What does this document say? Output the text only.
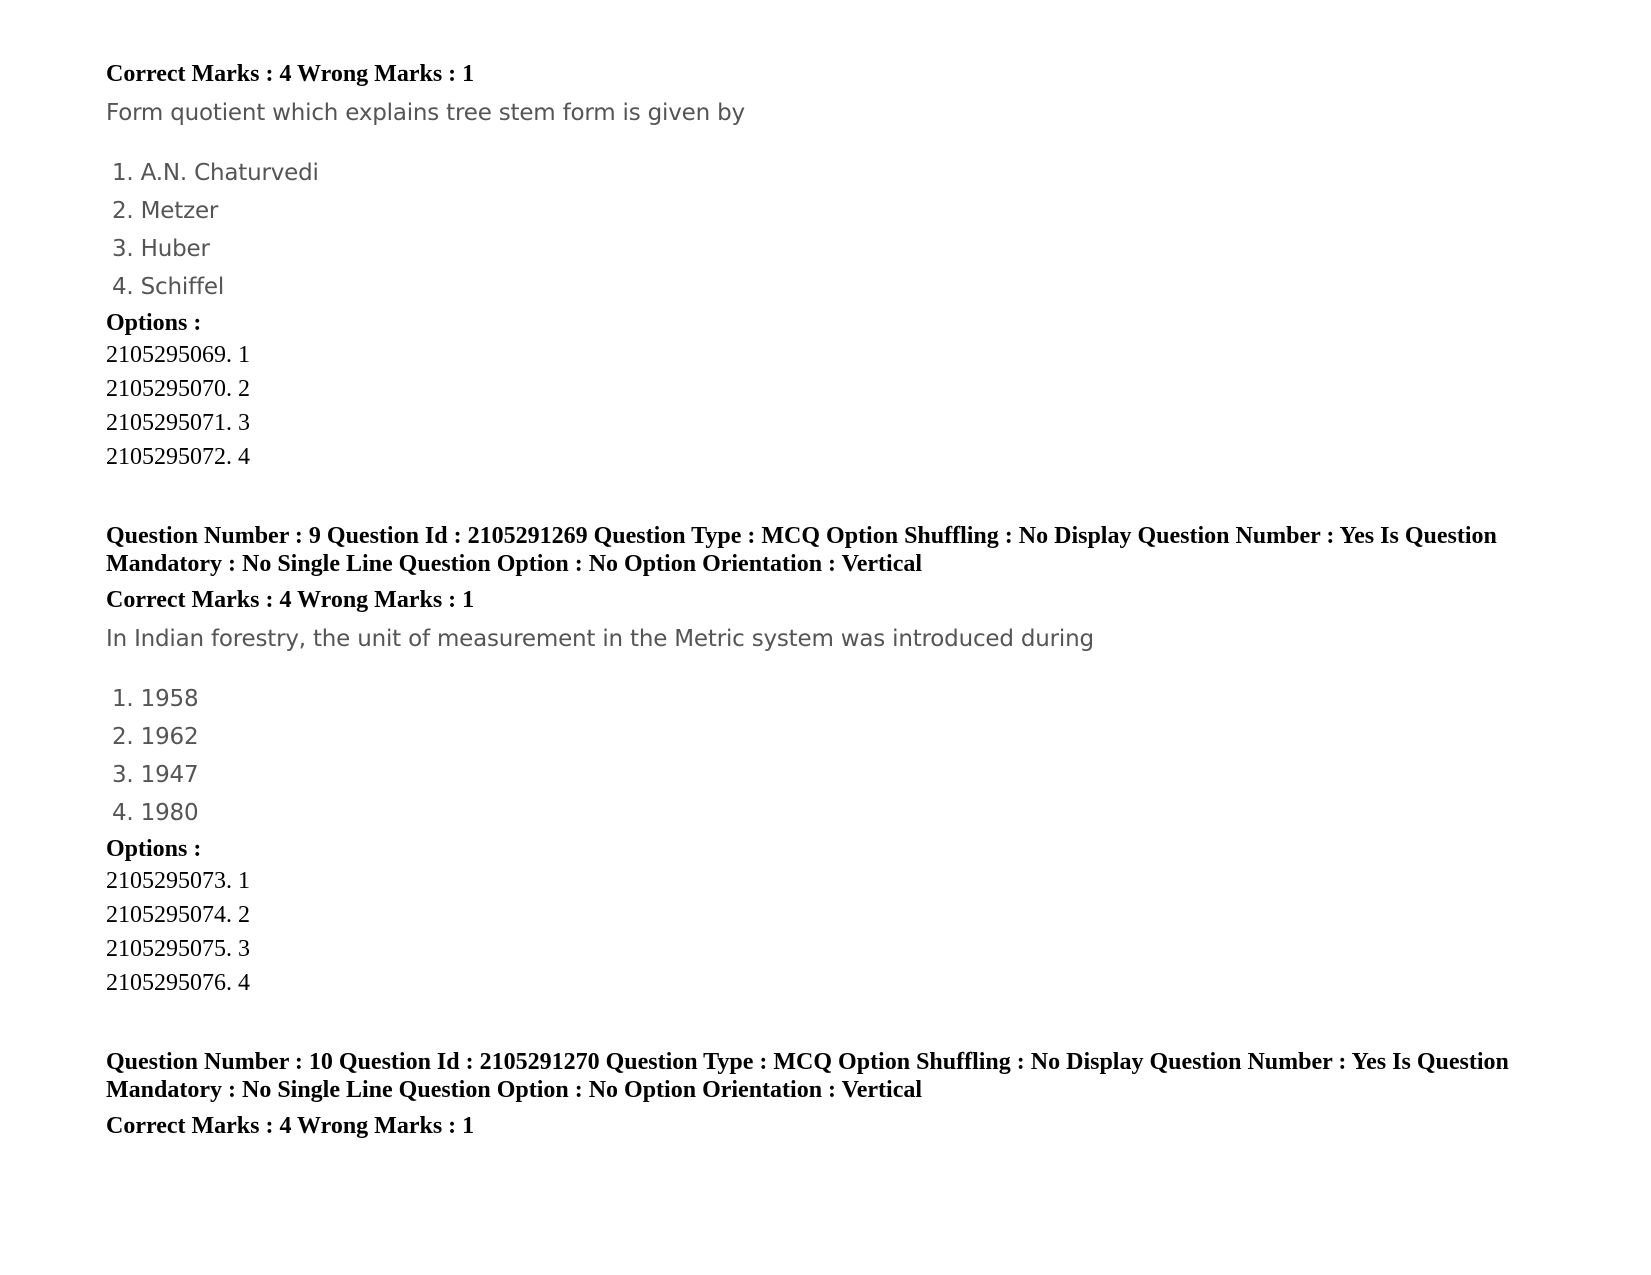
Correct Marks : 4 Wrong Marks : 1
Form quotient which explains tree stem form is given by
1. A.N. Chaturvedi
2. Metzer
3. Huber
4. Schiffel
Options :
2105295069. 1
2105295070. 2
2105295071. 3
2105295072. 4
Question Number : 9 Question Id : 2105291269 Question Type : MCQ Option Shuffling : No Display Question Number : Yes Is Question Mandatory : No Single Line Question Option : No Option Orientation : Vertical
Correct Marks : 4 Wrong Marks : 1
In Indian forestry, the unit of measurement in the Metric system was introduced during
1. 1958
2. 1962
3. 1947
4. 1980
Options :
2105295073. 1
2105295074. 2
2105295075. 3
2105295076. 4
Question Number : 10 Question Id : 2105291270 Question Type : MCQ Option Shuffling : No Display Question Number : Yes Is Question Mandatory : No Single Line Question Option : No Option Orientation : Vertical
Correct Marks : 4 Wrong Marks : 1
